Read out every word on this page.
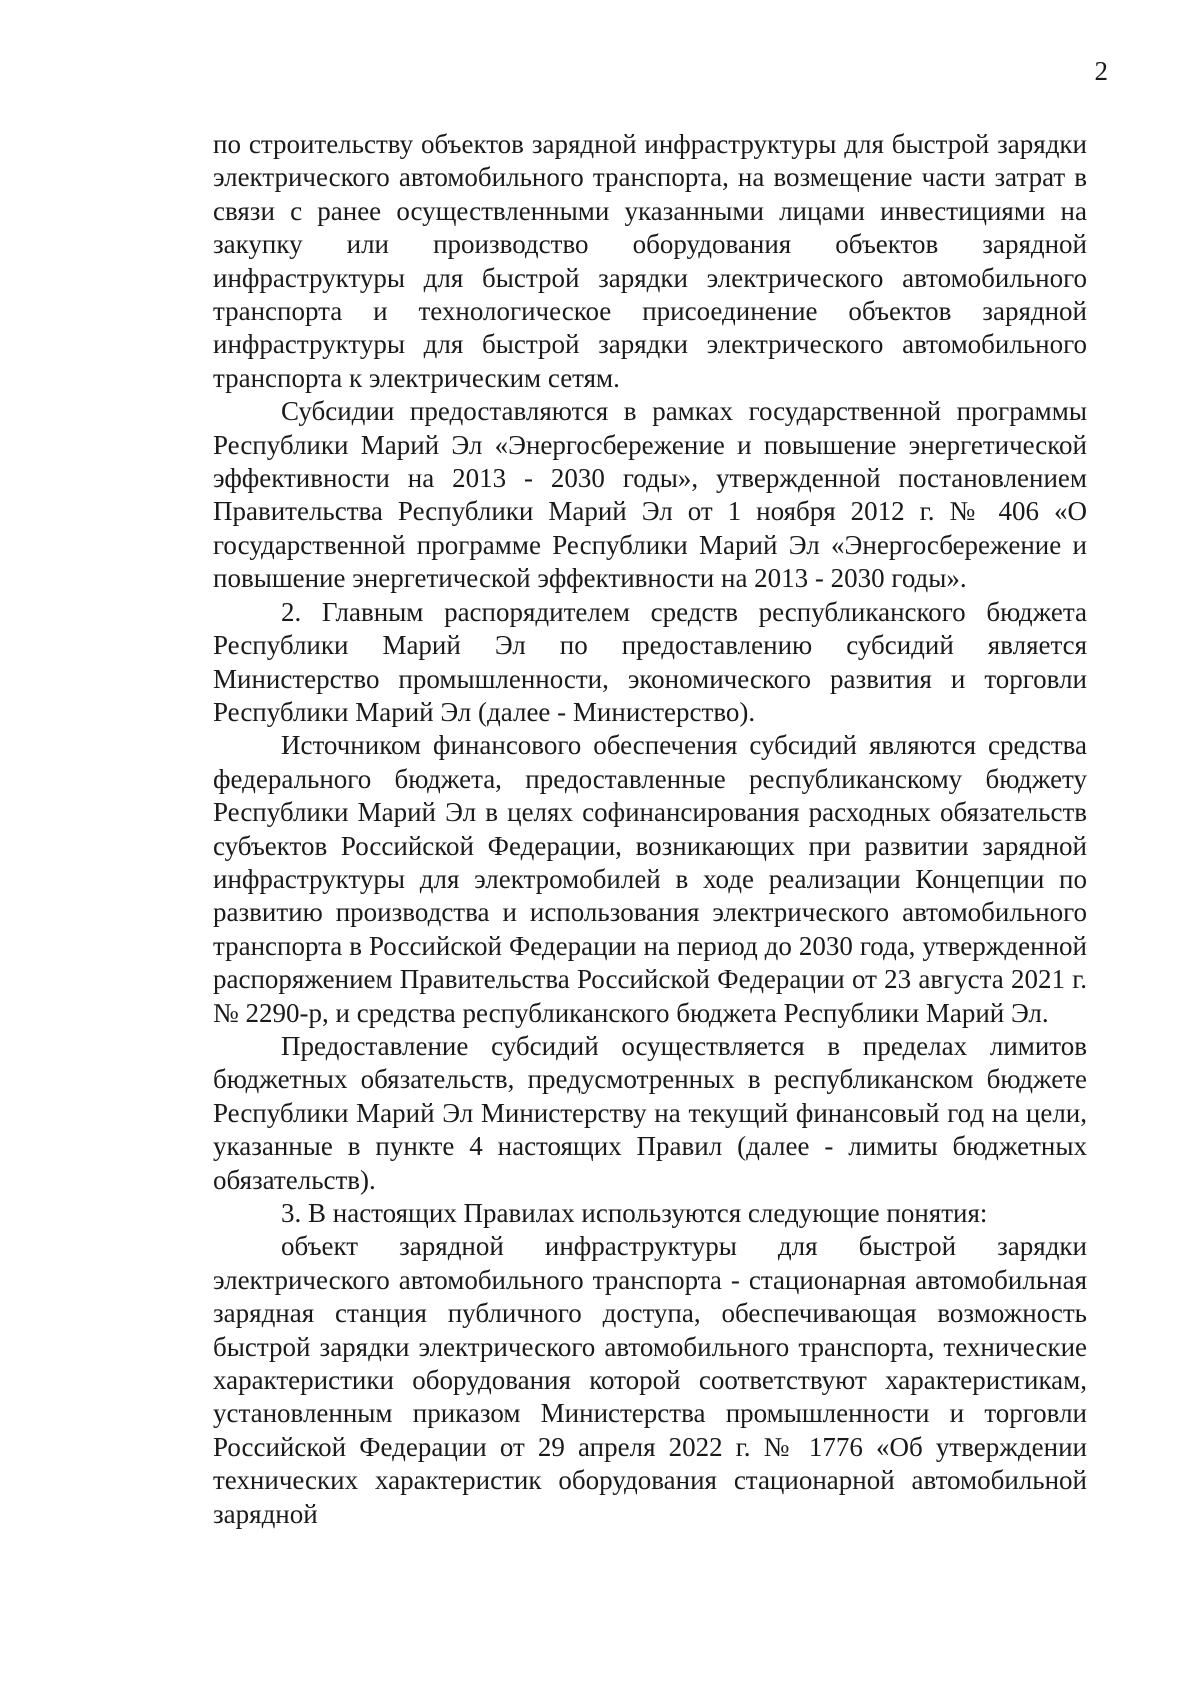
2

по строительству объектов зарядной инфраструктуры для быстрой зарядки электрического автомобильного транспорта, на возмещение части затрат в связи с ранее осуществленными указанными лицами инвестициями на закупку или производство оборудования объектов зарядной инфраструктуры для быстрой зарядки электрического автомобильного транспорта и технологическое присоединение объектов зарядной инфраструктуры для быстрой зарядки электрического автомобильного транспорта к электрическим сетям.

Субсидии предоставляются в рамках государственной программы Республики Марий Эл «Энергосбережение и повышение энергетической эффективности на 2013 - 2030 годы», утвержденной постановлением Правительства Республики Марий Эл от 1 ноября 2012 г. № 406 «О государственной программе Республики Марий Эл «Энергосбережение и повышение энергетической эффективности на 2013 - 2030 годы».

2. Главным распорядителем средств республиканского бюджета Республики Марий Эл по предоставлению субсидий является Министерство промышленности, экономического развития и торговли Республики Марий Эл (далее - Министерство).

Источником финансового обеспечения субсидий являются средства федерального бюджета, предоставленные республиканскому бюджету Республики Марий Эл в целях софинансирования расходных обязательств субъектов Российской Федерации, возникающих при развитии зарядной инфраструктуры для электромобилей в ходе реализации Концепции по развитию производства и использования электрического автомобильного транспорта в Российской Федерации на период до 2030 года, утвержденной распоряжением Правительства Российской Федерации от 23 августа 2021 г. № 2290-р, и средства республиканского бюджета Республики Марий Эл.

Предоставление субсидий осуществляется в пределах лимитов бюджетных обязательств, предусмотренных в республиканском бюджете Республики Марий Эл Министерству на текущий финансовый год на цели, указанные в пункте 4 настоящих Правил (далее - лимиты бюджетных обязательств).

3. В настоящих Правилах используются следующие понятия:

объект зарядной инфраструктуры для быстрой зарядки электрического автомобильного транспорта - стационарная автомобильная зарядная станция публичного доступа, обеспечивающая возможность быстрой зарядки электрического автомобильного транспорта, технические характеристики оборудования которой соответствуют характеристикам, установленным приказом Министерства промышленности и торговли Российской Федерации от 29 апреля 2022 г. № 1776 «Об утверждении технических характеристик оборудования стационарной автомобильной зарядной
